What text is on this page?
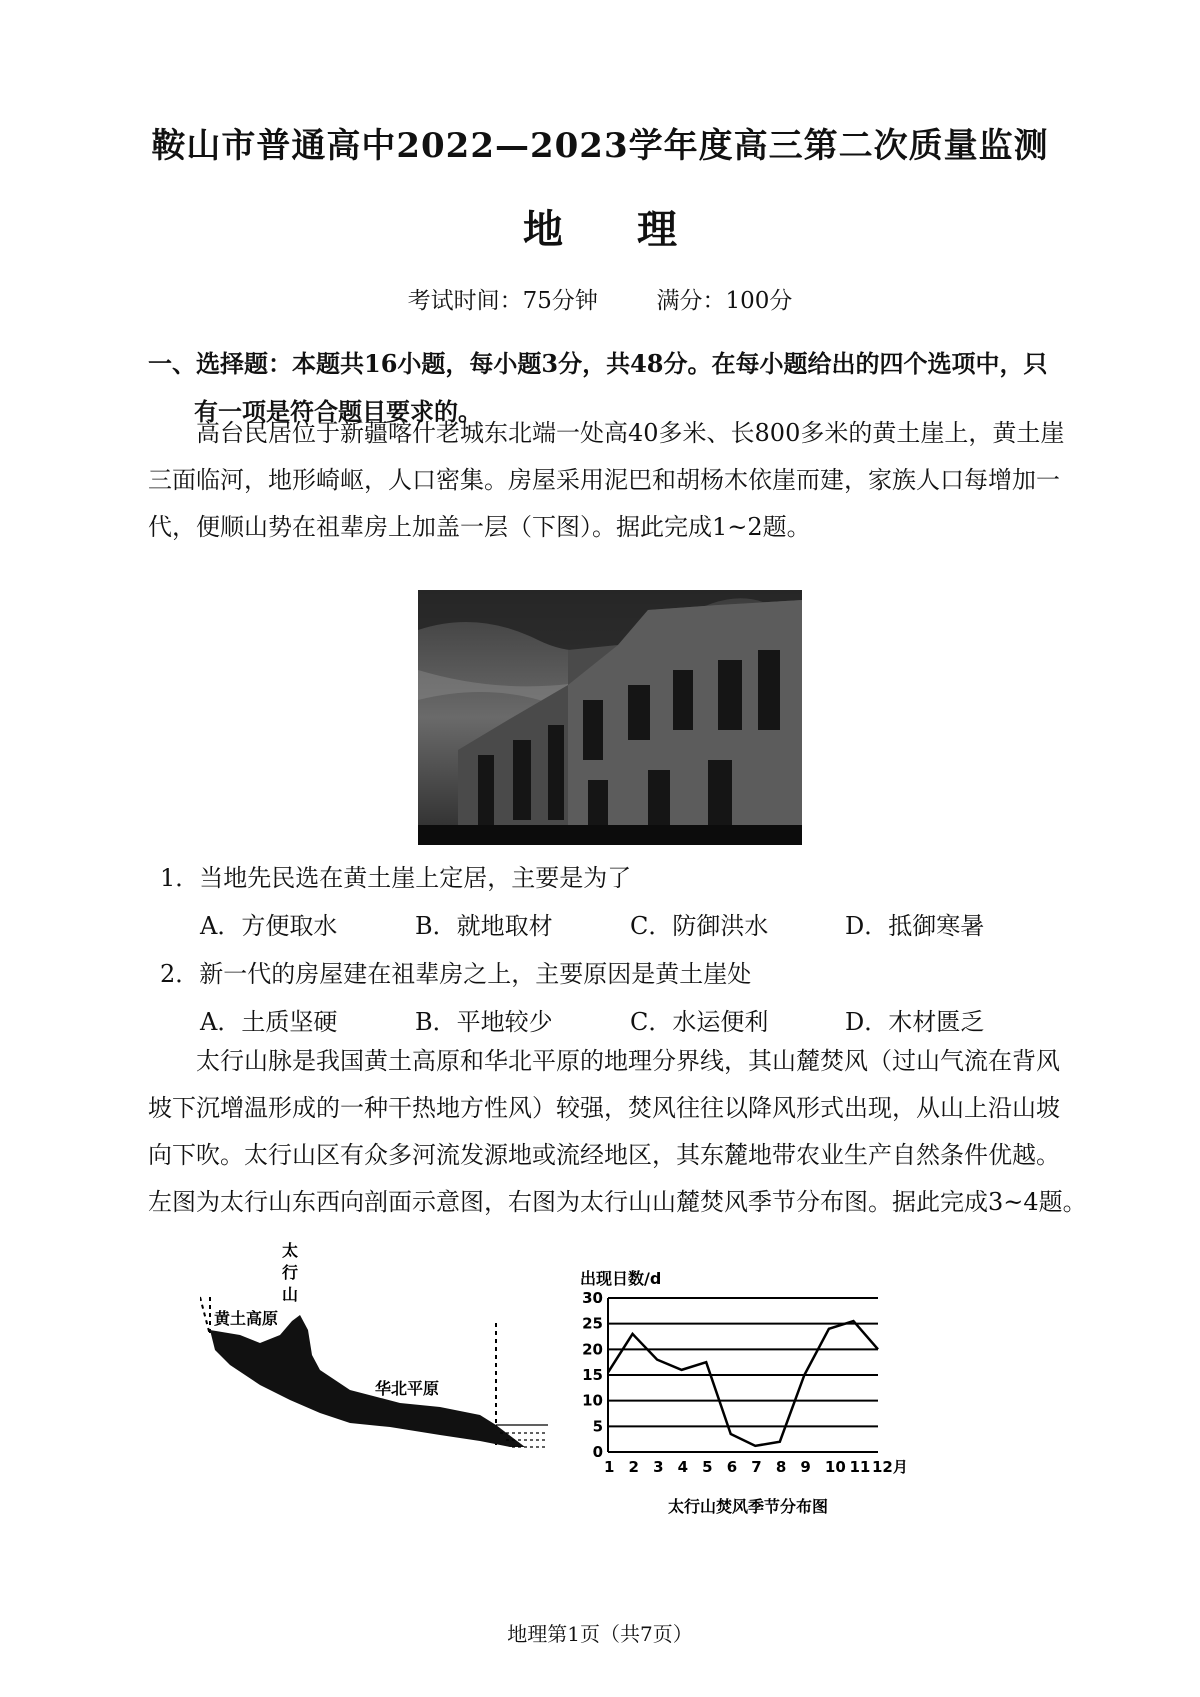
鞍山市普通高中2022—2023学年度高三第二次质量监测
地 理
考试时间：75分钟	满分：100分
一、选择题：本题共16小题，每小题3分，共48分。在每小题给出的四个选项中，只
有一项是符合题目要求的。

高台民居位于新疆喀什老城东北端一处高40多米、长800多米的黄土崖上，黄土崖

三面临河，地形崎岖，人口密集。房屋采用泥巴和胡杨木依崖而建，家族人口每增加一

代，便顺山势在祖辈房上加盖一层（下图）。据此完成1~2题。

1．当地先民选在黄土崖上定居，主要是为了
A．方便取水	B．就地取材	C．防御洪水	D．抵御寒暑
2．新一代的房屋建在祖辈房之上，主要原因是黄土崖处
A．土质坚硬	B．平地较少	C．水运便利	D．木材匮乏

太行山脉是我国黄土高原和华北平原的地理分界线，其山麓焚风（过山气流在背风

坡下沉增温形成的一种干热地方性风）较强，焚风往往以降风形式出现，从山上沿山坡

向下吹。太行山区有众多河流发源地或流经地区，其东麓地带农业生产自然条件优越。

左图为太行山东西向剖面示意图，右图为太行山山麓焚风季节分布图。据此完成3~4题。

太
行
山
黄土高原
华北平原
出现日数/d
0
5
10
15
20
25
30
1 2 3 4 5 6 7 8 9 10 11 12月
太行山焚风季节分布图
地理第1页（共7页）
